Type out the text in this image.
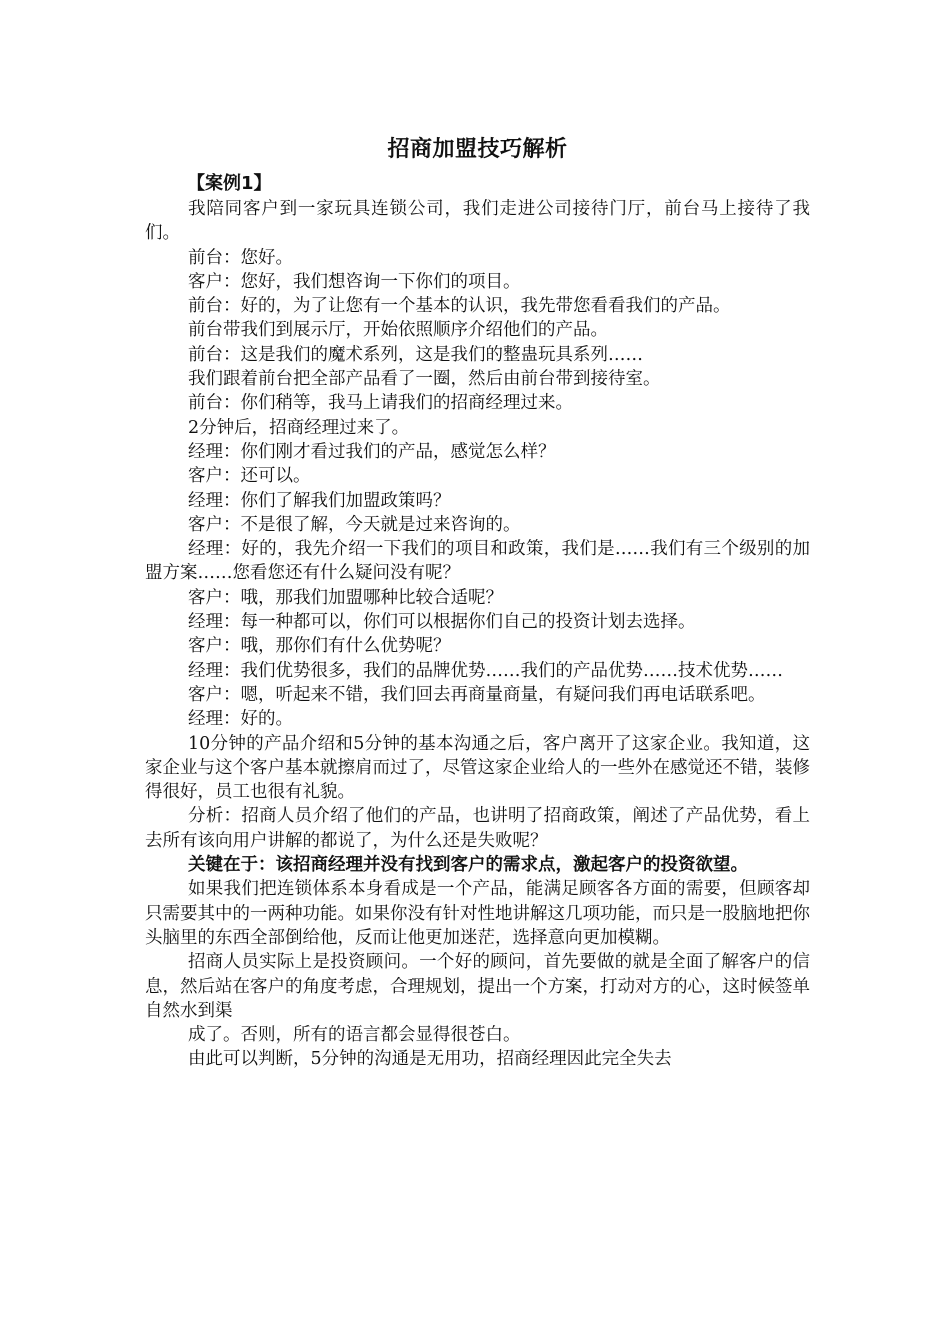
招商加盟技巧解析
【案例1】

我陪同客户到一家玩具连锁公司，我们走进公司接待门厅，前台马上接待了我们。

前台：您好。

客户：您好，我们想咨询一下你们的项目。

前台：好的，为了让您有一个基本的认识，我先带您看看我们的产品。

前台带我们到展示厅，开始依照顺序介绍他们的产品。

前台：这是我们的魔术系列，这是我们的整蛊玩具系列……

我们跟着前台把全部产品看了一圈，然后由前台带到接待室。

前台：你们稍等，我马上请我们的招商经理过来。

2分钟后，招商经理过来了。

经理：你们刚才看过我们的产品，感觉怎么样？

客户：还可以。

经理：你们了解我们加盟政策吗？

客户：不是很了解，今天就是过来咨询的。

经理：好的，我先介绍一下我们的项目和政策，我们是……我们有三个级别的加盟方案……您看您还有什么疑问没有呢？

客户：哦，那我们加盟哪种比较合适呢？

经理：每一种都可以，你们可以根据你们自己的投资计划去选择。

客户：哦，那你们有什么优势呢？

经理：我们优势很多，我们的品牌优势……我们的产品优势……技术优势……

客户：嗯，听起来不错，我们回去再商量商量，有疑问我们再电话联系吧。

经理：好的。

10分钟的产品介绍和5分钟的基本沟通之后，客户离开了这家企业。我知道，这家企业与这个客户基本就擦肩而过了，尽管这家企业给人的一些外在感觉还不错，装修得很好，员工也很有礼貌。

分析：招商人员介绍了他们的产品，也讲明了招商政策，阐述了产品优势，看上去所有该向用户讲解的都说了，为什么还是失败呢？

关键在于：该招商经理并没有找到客户的需求点，激起客户的投资欲望。

如果我们把连锁体系本身看成是一个产品，能满足顾客各方面的需要，但顾客却只需要其中的一两种功能。如果你没有针对性地讲解这几项功能，而只是一股脑地把你头脑里的东西全部倒给他，反而让他更加迷茫，选择意向更加模糊。

招商人员实际上是投资顾问。一个好的顾问，首先要做的就是全面了解客户的信息，然后站在客户的角度考虑，合理规划，提出一个方案，打动对方的心，这时候签单自然水到渠

成了。否则，所有的语言都会显得很苍白。

由此可以判断，5分钟的沟通是无用功，招商经理因此完全失去
